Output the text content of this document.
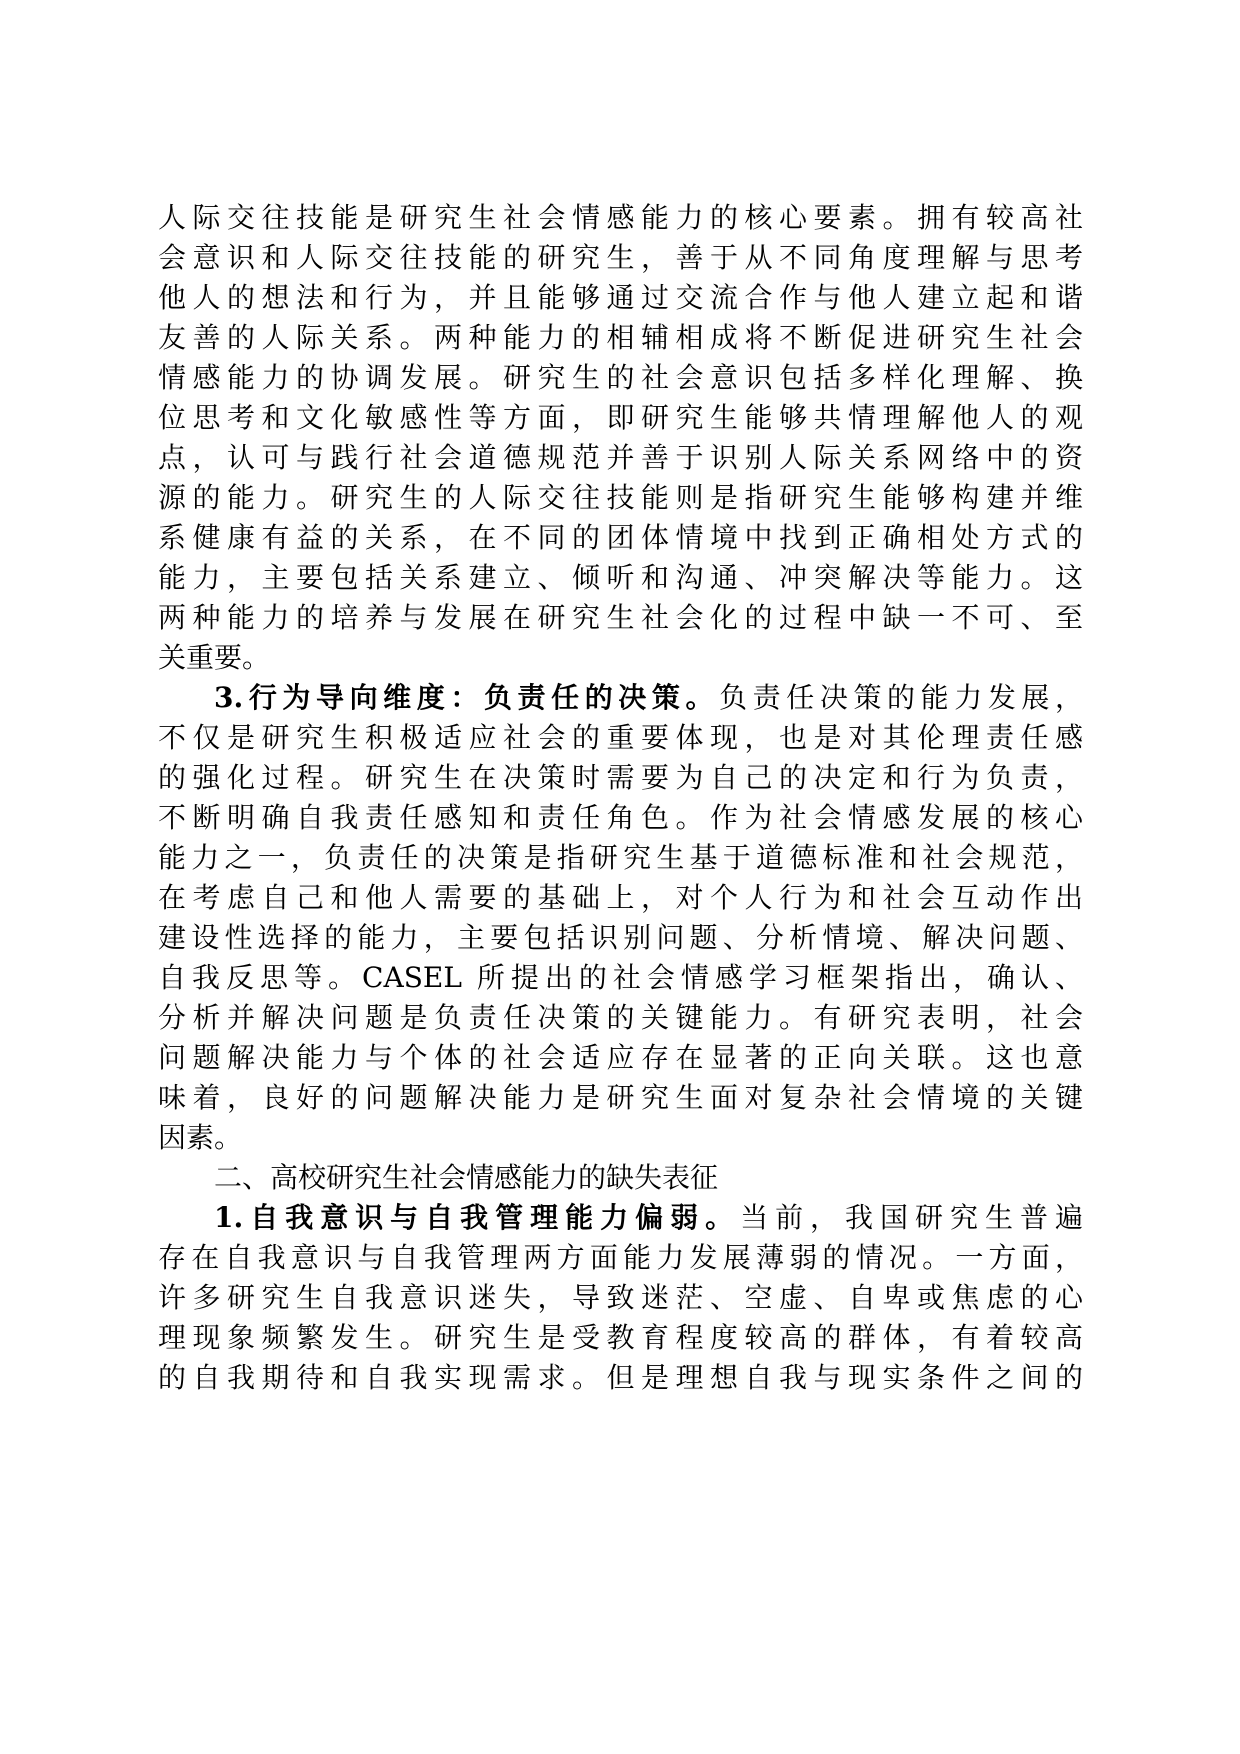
人际交往技能是研究生社会情感能力的核心要素。拥有较高社
会意识和人际交往技能的研究生，善于从不同角度理解与思考
他人的想法和行为，并且能够通过交流合作与他人建立起和谐
友善的人际关系。两种能力的相辅相成将不断促进研究生社会
情感能力的协调发展。研究生的社会意识包括多样化理解、换
位思考和文化敏感性等方面，即研究生能够共情理解他人的观
点，认可与践行社会道德规范并善于识别人际关系网络中的资
源的能力。研究生的人际交往技能则是指研究生能够构建并维
系健康有益的关系，在不同的团体情境中找到正确相处方式的
能力，主要包括关系建立、倾听和沟通、冲突解决等能力。这
两种能力的培养与发展在研究生社会化的过程中缺一不可、至
关重要。
3.行为导向维度：负责任的决策。负责任决策的能力发展，
不仅是研究生积极适应社会的重要体现，也是对其伦理责任感
的强化过程。研究生在决策时需要为自己的决定和行为负责，
不断明确自我责任感知和责任角色。作为社会情感发展的核心
能力之一，负责任的决策是指研究生基于道德标准和社会规范，
在考虑自己和他人需要的基础上，对个人行为和社会互动作出
建设性选择的能力，主要包括识别问题、分析情境、解决问题、
自我反思等。CASEL 所提出的社会情感学习框架指出，确认、
分析并解决问题是负责任决策的关键能力。有研究表明，社会
问题解决能力与个体的社会适应存在显著的正向关联。这也意
味着，良好的问题解决能力是研究生面对复杂社会情境的关键
因素。
二、高校研究生社会情感能力的缺失表征
1.自我意识与自我管理能力偏弱。当前，我国研究生普遍
存在自我意识与自我管理两方面能力发展薄弱的情况。一方面，
许多研究生自我意识迷失，导致迷茫、空虚、自卑或焦虑的心
理现象频繁发生。研究生是受教育程度较高的群体，有着较高
的自我期待和自我实现需求。但是理想自我与现实条件之间的
